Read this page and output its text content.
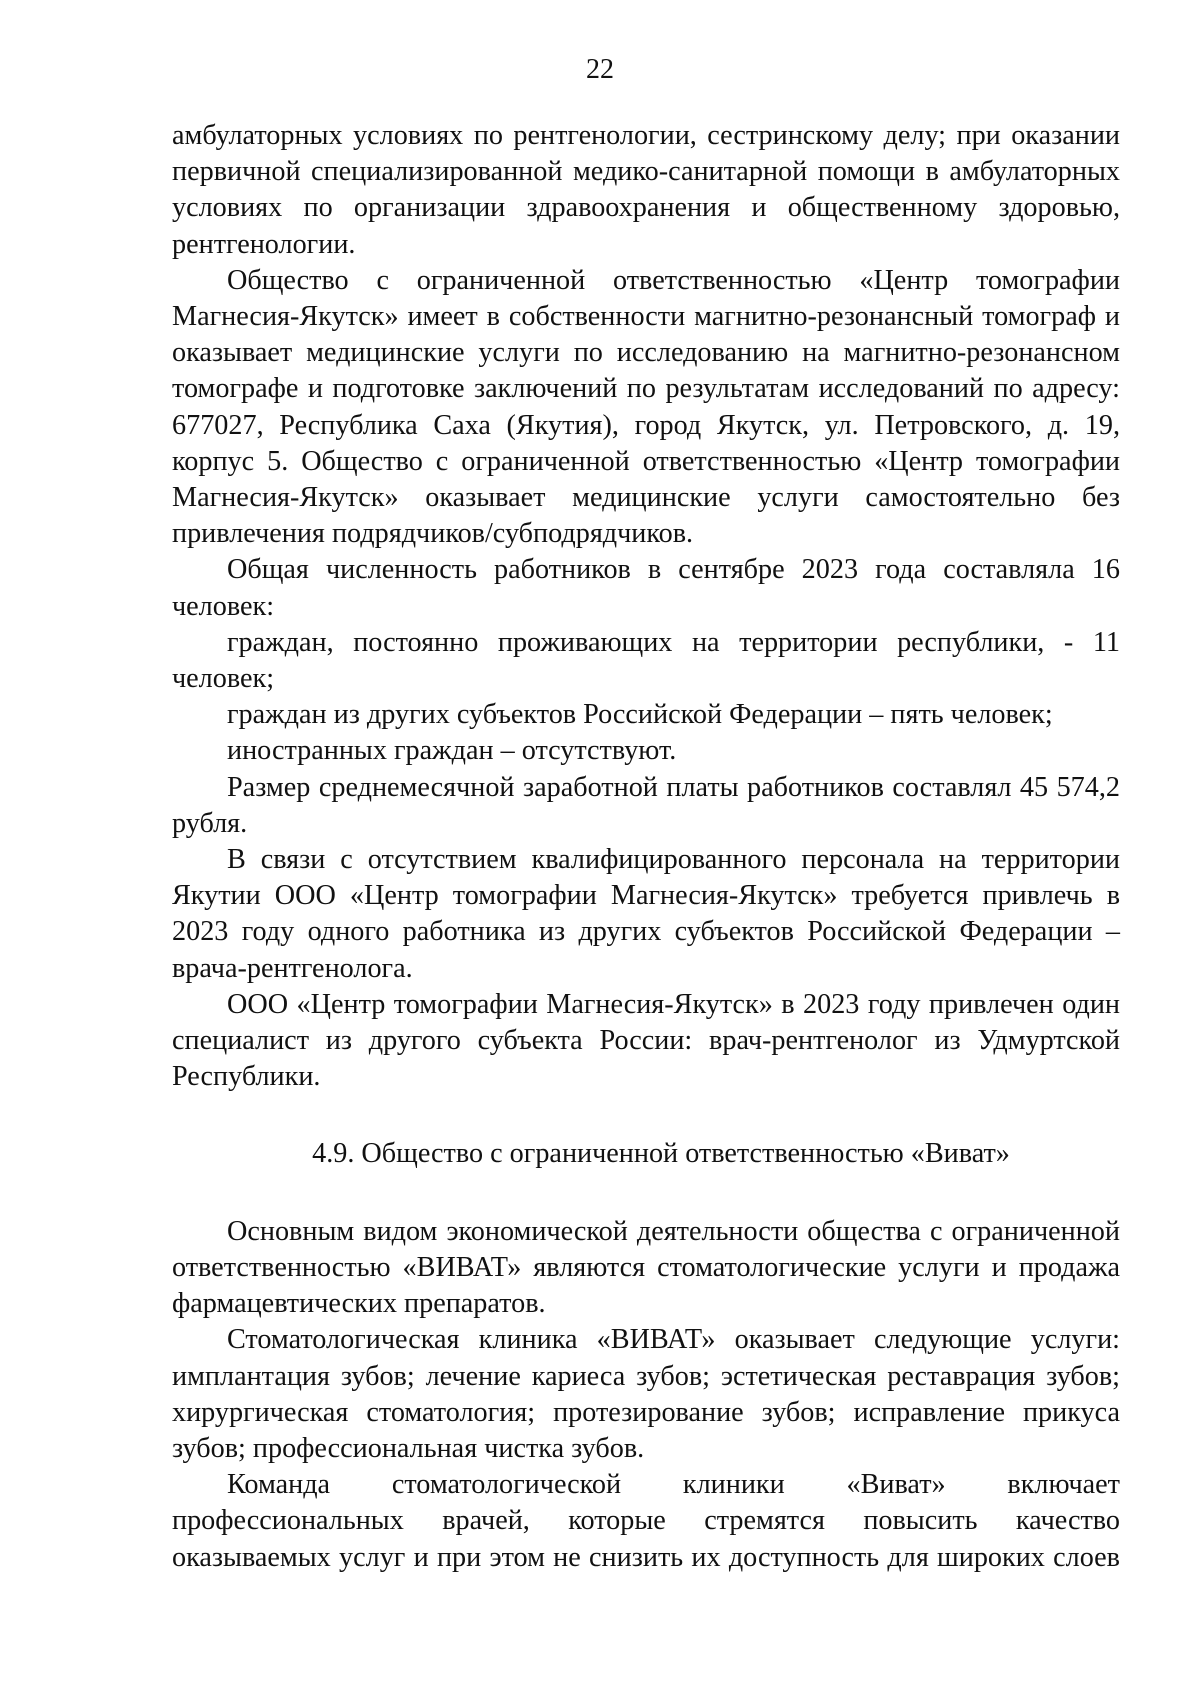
22

амбулаторных условиях по рентгенологии, сестринскому делу; при оказании первичной специализированной медико-санитарной помощи в амбулаторных условиях по организации здравоохранения и общественному здоровью, рентгенологии.

Общество с ограниченной ответственностью «Центр томографии Магнесия-Якутск» имеет в собственности магнитно-резонансный томограф и оказывает медицинские услуги по исследованию на магнитно-резонансном томографе и подготовке заключений по результатам исследований по адресу: 677027, Республика Саха (Якутия), город Якутск, ул. Петровского, д. 19, корпус 5. Общество с ограниченной ответственностью «Центр томографии Магнесия-Якутск» оказывает медицинские услуги самостоятельно без привлечения подрядчиков/субподрядчиков.

Общая численность работников в сентябре 2023 года составляла 16 человек:

граждан, постоянно проживающих на территории республики, - 11 человек;

граждан из других субъектов Российской Федерации – пять человек;

иностранных граждан – отсутствуют.

Размер среднемесячной заработной платы работников составлял 45 574,2 рубля.

В связи с отсутствием квалифицированного персонала на территории Якутии ООО «Центр томографии Магнесия-Якутск» требуется привлечь в 2023 году одного работника из других субъектов Российской Федерации – врача-рентгенолога.

ООО «Центр томографии Магнесия-Якутск» в 2023 году привлечен один специалист из другого субъекта России: врач-рентгенолог из Удмуртской Республики.

4.9. Общество с ограниченной ответственностью «Виват»

Основным видом экономической деятельности общества с ограниченной ответственностью «ВИВАТ» являются стоматологические услуги и продажа фармацевтических препаратов.

Стоматологическая клиника «ВИВАТ» оказывает следующие услуги: имплантация зубов; лечение кариеса зубов; эстетическая реставрация зубов; хирургическая стоматология; протезирование зубов; исправление прикуса зубов; профессиональная чистка зубов.

Команда стоматологической клиники «Виват» включает профессиональных врачей, которые стремятся повысить качество оказываемых услуг и при этом не снизить их доступность для широких слоев
